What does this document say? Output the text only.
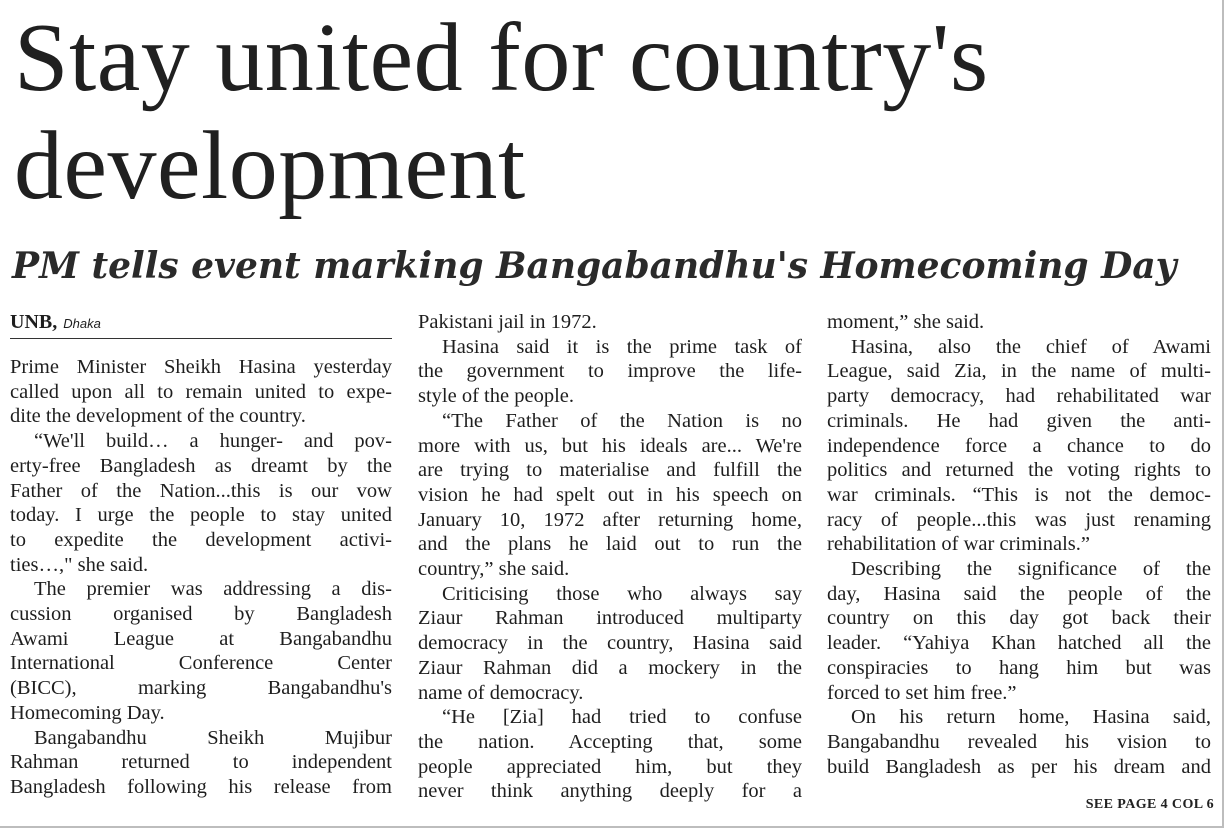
Stay united for country's development
PM tells event marking Bangabandhu's Homecoming Day
UNB, Dhaka
Prime Minister Sheikh Hasina yesterday
called upon all to remain united to expe-
dite the development of the country.
“We'll build… a hunger- and pov-
erty-free Bangladesh as dreamt by the
Father of the Nation...this is our vow
today. I urge the people to stay united
to expedite the development activi-
ties…," she said.
The premier was addressing a dis-
cussion organised by Bangladesh
Awami League at Bangabandhu
International Conference Center
(BICC), marking Bangabandhu's
Homecoming Day.
Bangabandhu Sheikh Mujibur
Rahman returned to independent
Bangladesh following his release from
Pakistani jail in 1972.
Hasina said it is the prime task of
the government to improve the life-
style of the people.
“The Father of the Nation is no
more with us, but his ideals are... We're
are trying to materialise and fulfill the
vision he had spelt out in his speech on
January 10, 1972 after returning home,
and the plans he laid out to run the
country,” she said.
Criticising those who always say
Ziaur Rahman introduced multiparty
democracy in the country, Hasina said
Ziaur Rahman did a mockery in the
name of democracy.
“He [Zia] had tried to confuse
the nation. Accepting that, some
people appreciated him, but they
never think anything deeply for a
moment,” she said.
Hasina, also the chief of Awami
League, said Zia, in the name of multi-
party democracy, had rehabilitated war
criminals. He had given the anti-
independence force a chance to do
politics and returned the voting rights to
war criminals. “This is not the democ-
racy of people...this was just renaming
rehabilitation of war criminals.”
Describing the significance of the
day, Hasina said the people of the
country on this day got back their
leader. “Yahiya Khan hatched all the
conspiracies to hang him but was
forced to set him free.”
On his return home, Hasina said,
Bangabandhu revealed his vision to
build Bangladesh as per his dream and
SEE PAGE 4 COL 6
